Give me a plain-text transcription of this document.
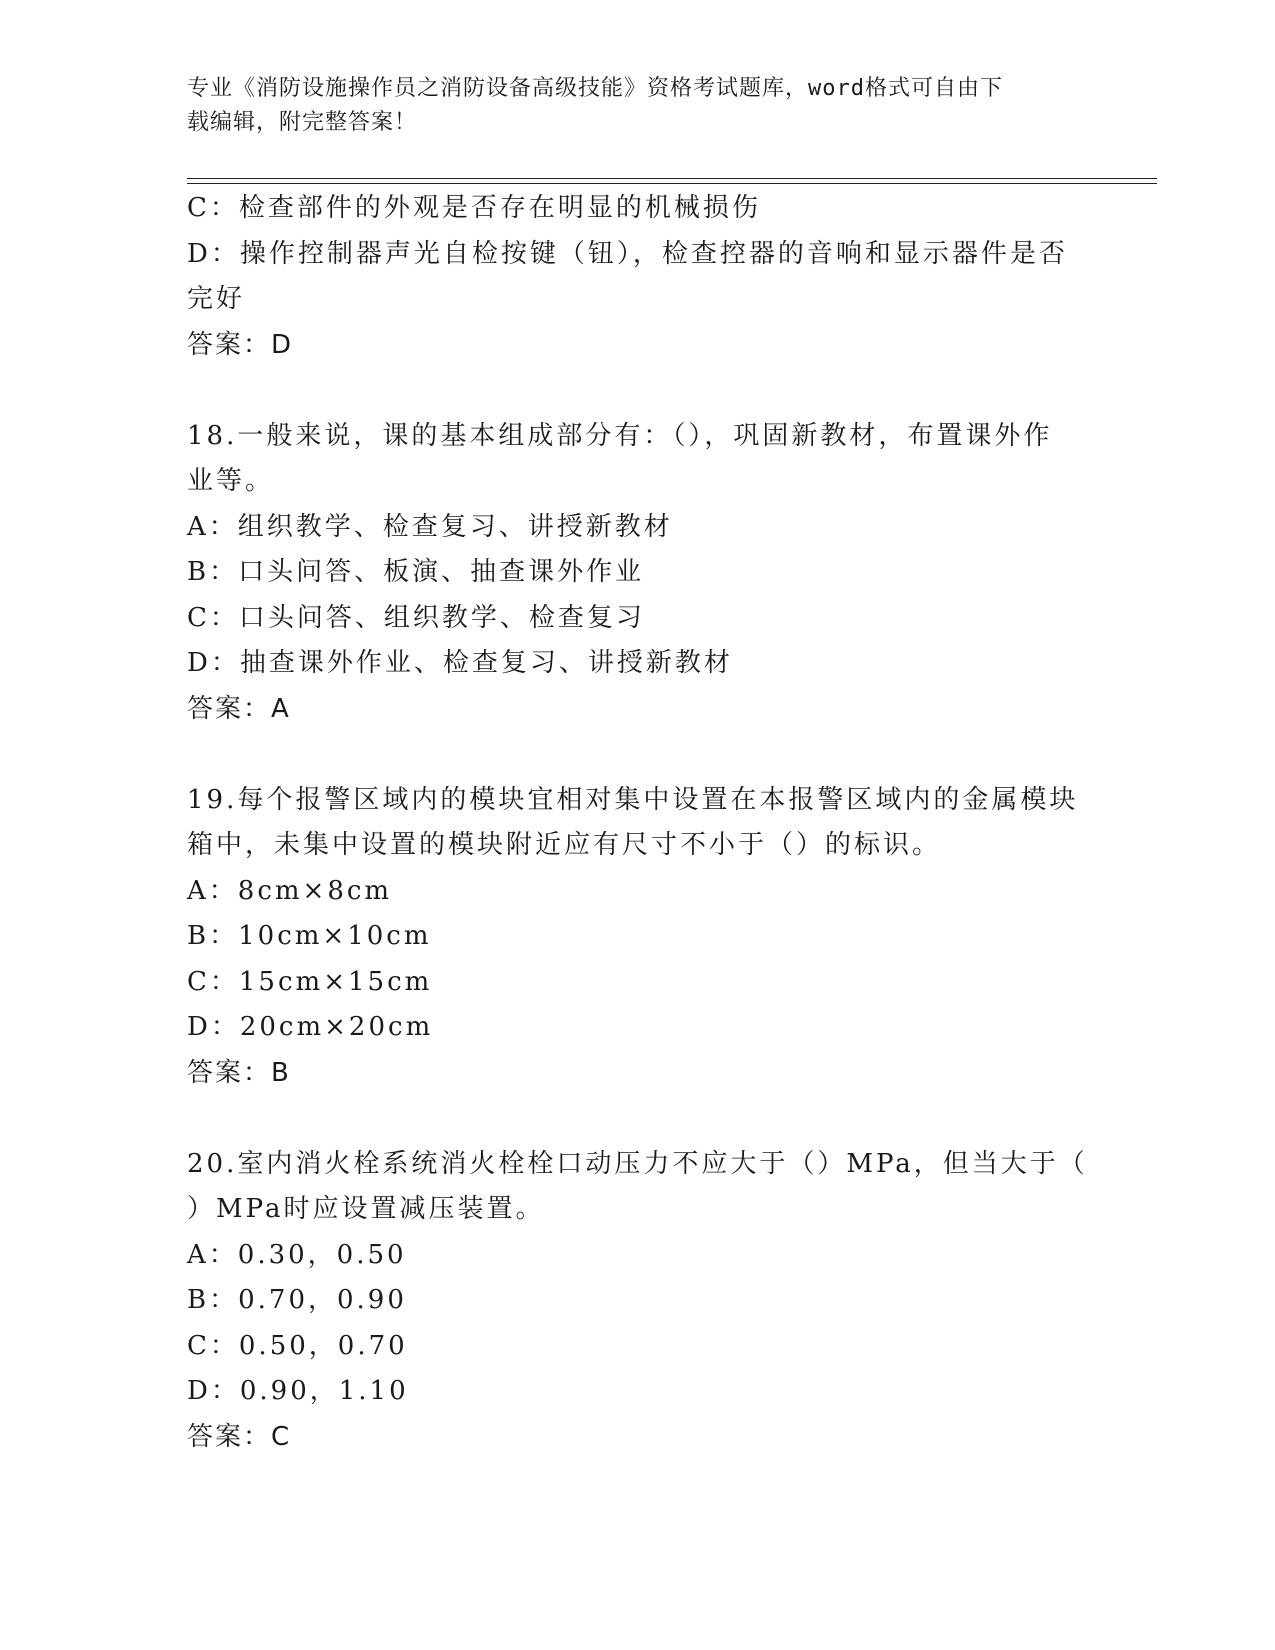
专业《消防设施操作员之消防设备高级技能》资格考试题库，word格式可自由下
载编辑，附完整答案！
C：检查部件的外观是否存在明显的机械损伤
D：操作控制器声光自检按键（钮），检查控器的音响和显示器件是否
完好
答案：D
18.一般来说，课的基本组成部分有：（），巩固新教材，布置课外作
业等。
A：组织教学、检查复习、讲授新教材
B：口头问答、板演、抽查课外作业
C：口头问答、组织教学、检查复习
D：抽查课外作业、检查复习、讲授新教材
答案：A
19.每个报警区域内的模块宜相对集中设置在本报警区域内的金属模块
箱中，未集中设置的模块附近应有尺寸不小于（）的标识。
A：8cm×8cm
B：10cm×10cm
C：15cm×15cm
D：20cm×20cm
答案：B
20.室内消火栓系统消火栓栓口动压力不应大于（）MPa，但当大于（
）MPa时应设置减压装置。
A：0.30，0.50
B：0.70，0.90
C：0.50，0.70
D：0.90，1.10
答案：C
